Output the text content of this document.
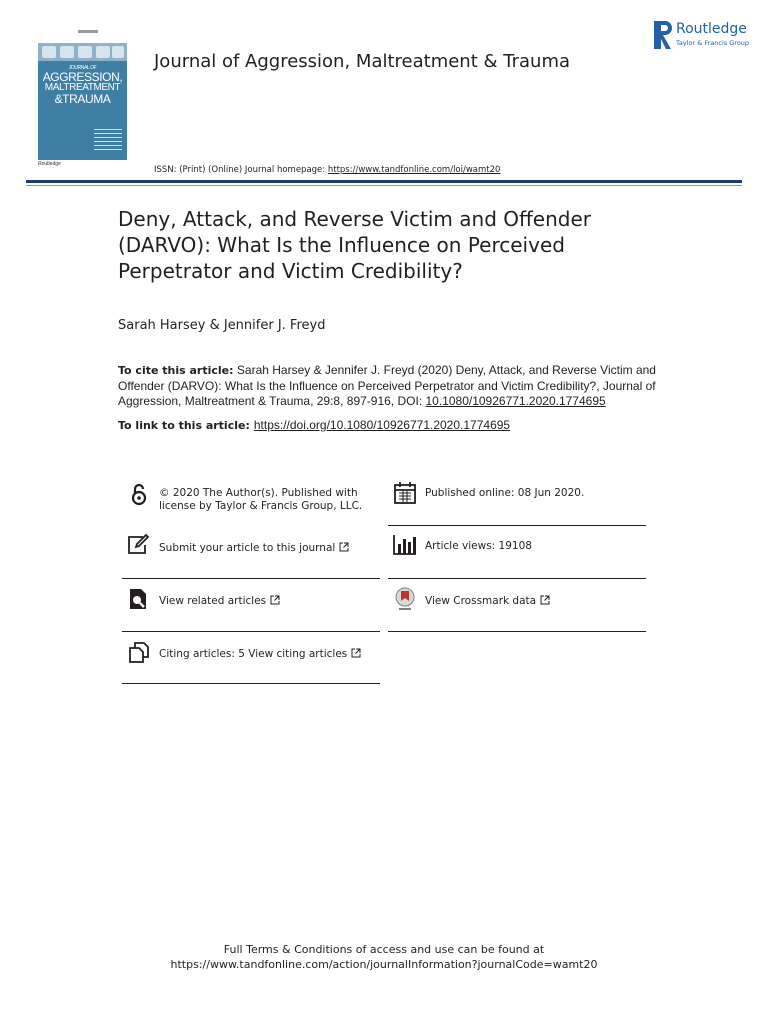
JOURNAL OF
AGGRESSION,
MALTREATMENT
&TRAUMA
Routledge
Journal of Aggression, Maltreatment & Trauma
Routledge
Taylor & Francis Group
ISSN: (Print) (Online) Journal homepage: https://www.tandfonline.com/loi/wamt20
Deny, Attack, and Reverse Victim and Offender (DARVO): What Is the Influence on Perceived Perpetrator and Victim Credibility?
Sarah Harsey & Jennifer J. Freyd
To cite this article: Sarah Harsey & Jennifer J. Freyd (2020) Deny, Attack, and Reverse Victim and Offender (DARVO): What Is the Influence on Perceived Perpetrator and Victim Credibility?, Journal of Aggression, Maltreatment & Trauma, 29:8, 897-916, DOI: 10.1080/10926771.2020.1774695
To link to this article: https://doi.org/10.1080/10926771.2020.1774695
© 2020 The Author(s). Published with
license by Taylor & Francis Group, LLC.
Submit your article to this journal
View related articles
Citing articles: 5 View citing articles
Published online: 08 Jun 2020.
Article views: 19108
View Crossmark data
Full Terms & Conditions of access and use can be found at
https://www.tandfonline.com/action/journalInformation?journalCode=wamt20
